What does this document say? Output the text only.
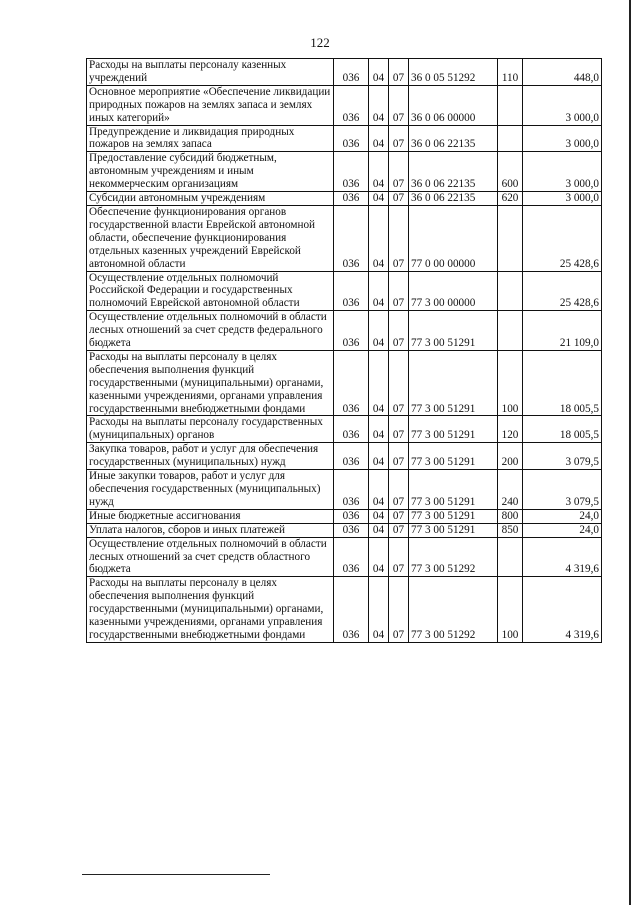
122
Расходы на выплаты персоналу казенных учреждений	036	04	07	36 0 05 51292	110	448,0
Основное мероприятие «Обеспечение ликвидации природных пожаров на землях запаса и землях иных категорий»	036	04	07	36 0 06 00000		3 000,0
Предупреждение и ликвидация природных пожаров на землях запаса	036	04	07	36 0 06 22135		3 000,0
Предоставление субсидий бюджетным, автономным учреждениям и иным некоммерческим организациям	036	04	07	36 0 06 22135	600	3 000,0
Субсидии автономным учреждениям	036	04	07	36 0 06 22135	620	3 000,0
Обеспечение функционирования органов государственной власти Еврейской автономной области, обеспечение функционирования отдельных казенных учреждений Еврейской автономной области	036	04	07	77 0 00 00000		25 428,6
Осуществление отдельных полномочий Российской Федерации и государственных полномочий Еврейской автономной области	036	04	07	77 3 00 00000		25 428,6
Осуществление отдельных полномочий в области лесных отношений за счет средств федерального бюджета	036	04	07	77 3 00 51291		21 109,0
Расходы на выплаты персоналу в целях обеспечения выполнения функций государственными (муниципальными) органами, казенными учреждениями, органами управления государственными внебюджетными фондами	036	04	07	77 3 00 51291	100	18 005,5
Расходы на выплаты персоналу государственных (муниципальных) органов	036	04	07	77 3 00 51291	120	18 005,5
Закупка товаров, работ и услуг для обеспечения государственных (муниципальных) нужд	036	04	07	77 3 00 51291	200	3 079,5
Иные закупки товаров, работ и услуг для обеспечения государственных (муниципальных) нужд	036	04	07	77 3 00 51291	240	3 079,5
Иные бюджетные ассигнования	036	04	07	77 3 00 51291	800	24,0
Уплата налогов, сборов и иных платежей	036	04	07	77 3 00 51291	850	24,0
Осуществление отдельных полномочий в области лесных отношений за счет средств областного бюджета	036	04	07	77 3 00 51292		4 319,6
Расходы на выплаты персоналу в целях обеспечения выполнения функций государственными (муниципальными) органами, казенными учреждениями, органами управления государственными внебюджетными фондами	036	04	07	77 3 00 51292	100	4 319,6
